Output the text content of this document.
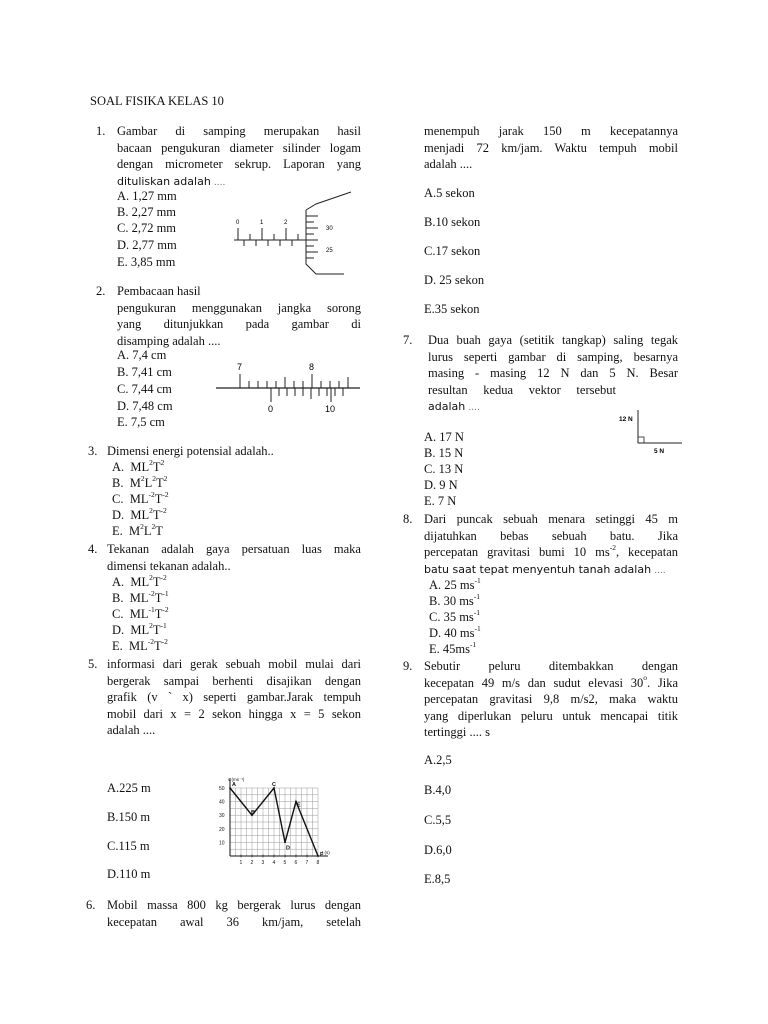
SOAL FISIKA KELAS 10
1. Gambar di samping merupakan hasil
bacaan pengukuran diameter silinder logam
dengan micrometer sekrup. Laporan yang
dituliskan adalah ....
A. 1,27 mm
B. 2,27 mm
C. 2,72 mm
D. 2,77 mm
E. 3,85 mm
0	1	2
30
25
2. Pembacaan hasil
pengukuran menggunakan jangka sorong
yang ditunjukkan pada gambar di
disamping adalah ....
A. 7,4 cm
B. 7,41 cm
C. 7,44 cm
D. 7,48 cm
E. 7,5 cm
7	8
0	10
3. Dimensi energi potensial adalah..
A. $ML^2T^2$
B. $M^2L^2T^2$
C. $ML^{-2}T^{-2}$
D. $ML^2T^{-2}$
E. $M^2L^2T$
4. Tekanan adalah gaya persatuan luas maka
dimensi tekanan adalah..
A. $ML^2T^{-2}$
B. $ML^{-2}T^{-1}$
C. $ML^{-1}T^{-2}$
D. $ML^2T^{-1}$
E. $ML^{-2}T^{-2}$
5. informasi dari gerak sebuah mobil mulai dari
bergerak sampai berhenti disajikan dengan
grafik (v ` x) seperti gambar.Jarak tempuh
mobil dari x = 2 sekon hingga x = 5 sekon
adalah ....
A.225 m
B.150 m
C.115 m
D.110 m
v (ms⁻¹)
t (s)
1 2 3 4 5 6 7 8
10
20
30
40
50
A
B
C
D
E
F
6. Mobil massa 800 kg bergerak lurus dengan
kecepatan awal 36 km/jam, setelah
menempuh jarak 150 m kecepatannya
menjadi 72 km/jam. Waktu tempuh mobil
adalah ....
A.5 sekon
B.10 sekon
C.17 sekon
D. 25 sekon
E.35 sekon
7. Dua buah gaya (setitik tangkap) saling tegak
lurus seperti gambar di samping, besarnya
masing - masing 12 N dan 5 N. Besar
resultan kedua vektor tersebut
adalah ....
A. 17 N
B. 15 N
C. 13 N
D. 9 N
E. 7 N
12 N
5 N
8. Dari puncak sebuah menara setinggi 45 m
dijatuhkan bebas sebuah batu. Jika
percepatan gravitasi bumi 10 $ms^{-2}$, kecepatan
batu saat tepat menyentuh tanah adalah ....
A. 25 $ms^{-1}$
B. 30 $ms^{-1}$
C. 35 $ms^{-1}$
D. 40 $ms^{-1}$
E. $45ms^{-1}$
9. Sebutir peluru ditembakkan dengan
kecepatan 49 m/s dan sudut elevasi 30$^o$. Jika
percepatan gravitasi 9,8 m/s2, maka waktu
yang diperlukan peluru untuk mencapai titik
tertinggi .... s
A.2,5
B.4,0
C.5,5
D.6,0
E.8,5
